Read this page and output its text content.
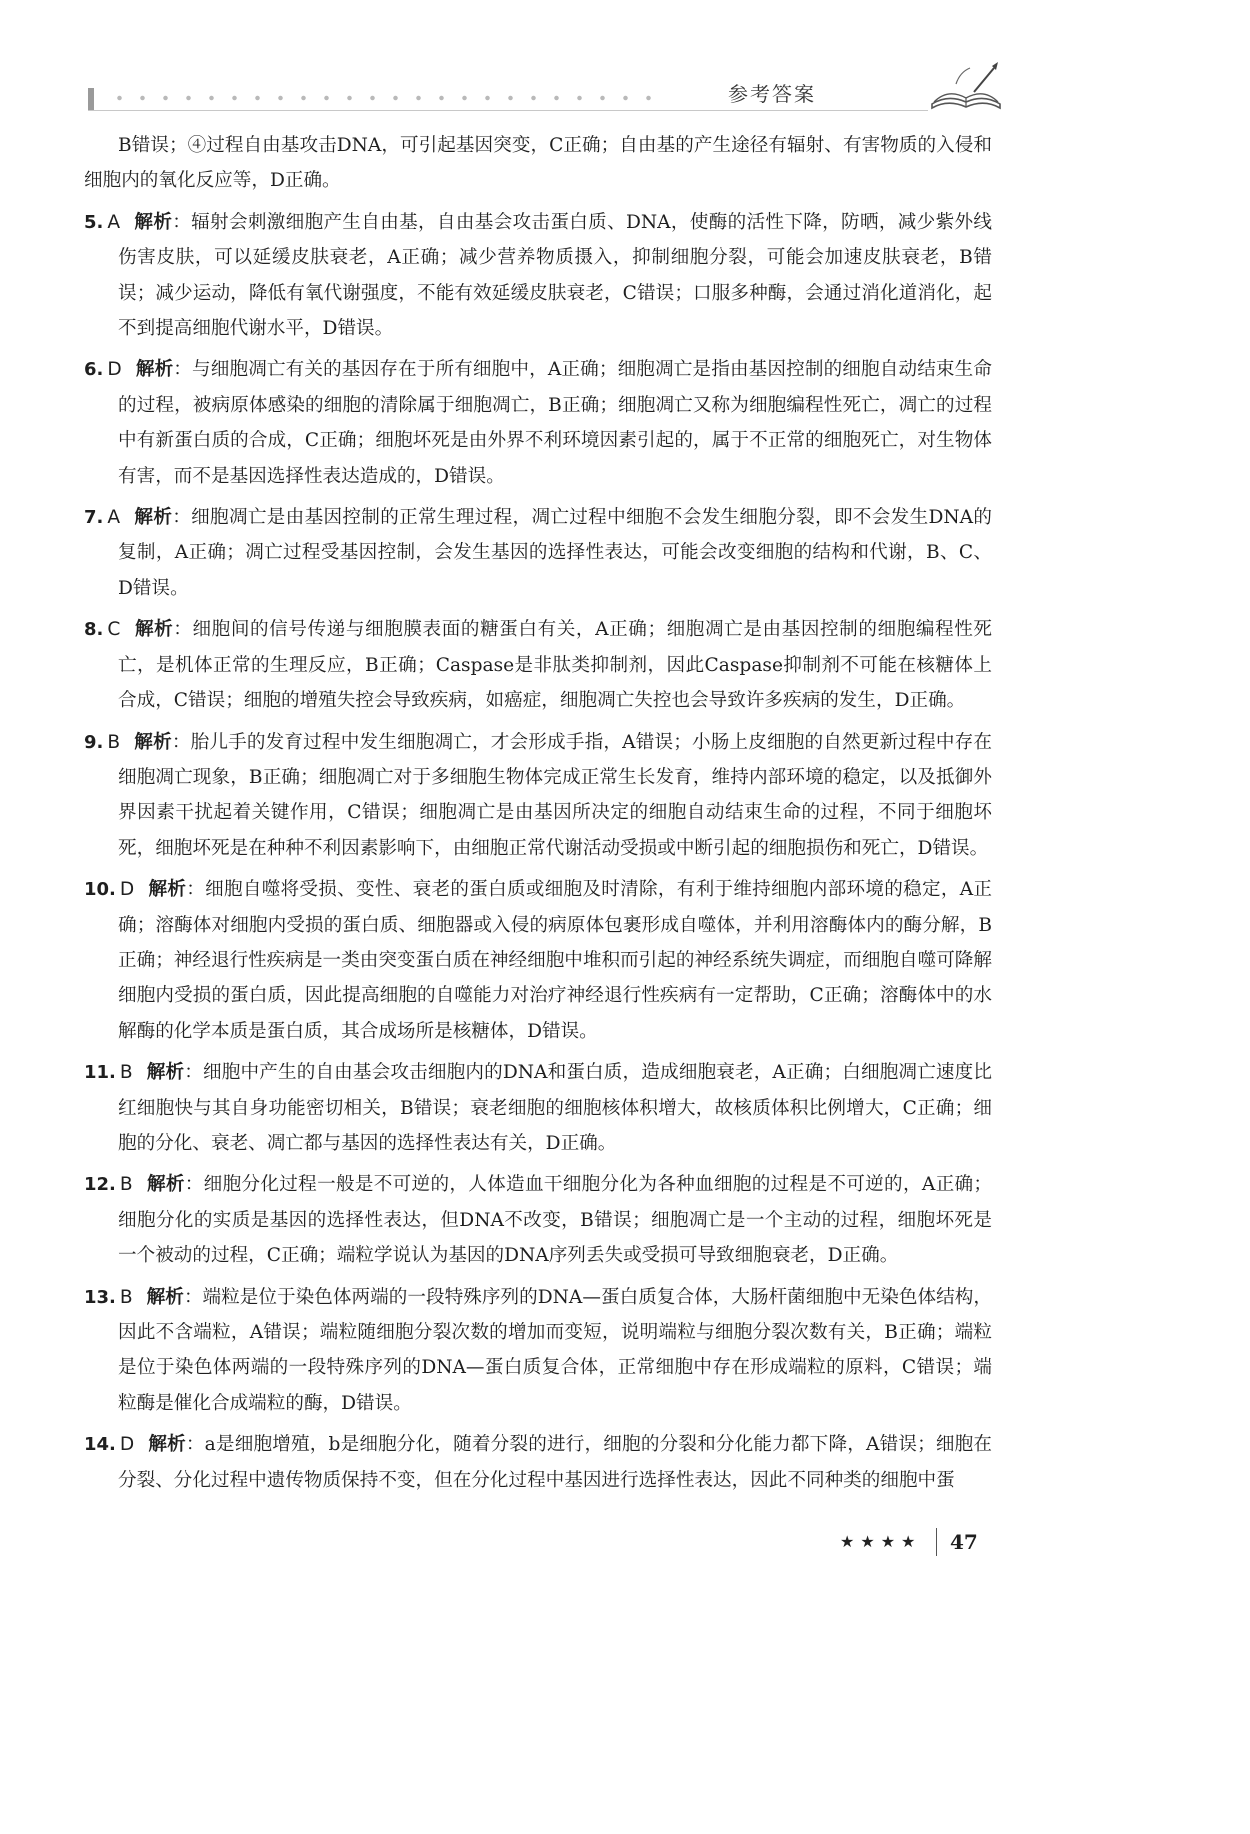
参考答案

B错误；④过程自由基攻击DNA，可引起基因突变，C正确；自由基的产生途径有辐射、有害物质的入侵和细胞内的氧化反应等，D正确。

5. A 解析：辐射会刺激细胞产生自由基，自由基会攻击蛋白质、DNA，使酶的活性下降，防晒，减少紫外线伤害皮肤，可以延缓皮肤衰老，A正确；减少营养物质摄入，抑制细胞分裂，可能会加速皮肤衰老，B错误；减少运动，降低有氧代谢强度，不能有效延缓皮肤衰老，C错误；口服多种酶，会通过消化道消化，起不到提高细胞代谢水平，D错误。

6. D 解析：与细胞凋亡有关的基因存在于所有细胞中，A正确；细胞凋亡是指由基因控制的细胞自动结束生命的过程，被病原体感染的细胞的清除属于细胞凋亡，B正确；细胞凋亡又称为细胞编程性死亡，凋亡的过程中有新蛋白质的合成，C正确；细胞坏死是由外界不利环境因素引起的，属于不正常的细胞死亡，对生物体有害，而不是基因选择性表达造成的，D错误。

7. A 解析：细胞凋亡是由基因控制的正常生理过程，凋亡过程中细胞不会发生细胞分裂，即不会发生DNA的复制，A正确；凋亡过程受基因控制，会发生基因的选择性表达，可能会改变细胞的结构和代谢，B、C、D错误。

8. C 解析：细胞间的信号传递与细胞膜表面的糖蛋白有关，A正确；细胞凋亡是由基因控制的细胞编程性死亡，是机体正常的生理反应，B正确；Caspase是非肽类抑制剂，因此Caspase抑制剂不可能在核糖体上合成，C错误；细胞的增殖失控会导致疾病，如癌症，细胞凋亡失控也会导致许多疾病的发生，D正确。

9. B 解析：胎儿手的发育过程中发生细胞凋亡，才会形成手指，A错误；小肠上皮细胞的自然更新过程中存在细胞凋亡现象，B正确；细胞凋亡对于多细胞生物体完成正常生长发育，维持内部环境的稳定，以及抵御外界因素干扰起着关键作用，C错误；细胞凋亡是由基因所决定的细胞自动结束生命的过程，不同于细胞坏死，细胞坏死是在种种不利因素影响下，由细胞正常代谢活动受损或中断引起的细胞损伤和死亡，D错误。

10. D 解析：细胞自噬将受损、变性、衰老的蛋白质或细胞及时清除，有利于维持细胞内部环境的稳定，A正确；溶酶体对细胞内受损的蛋白质、细胞器或入侵的病原体包裹形成自噬体，并利用溶酶体内的酶分解，B正确；神经退行性疾病是一类由突变蛋白质在神经细胞中堆积而引起的神经系统失调症，而细胞自噬可降解细胞内受损的蛋白质，因此提高细胞的自噬能力对治疗神经退行性疾病有一定帮助，C正确；溶酶体中的水解酶的化学本质是蛋白质，其合成场所是核糖体，D错误。

11. B 解析：细胞中产生的自由基会攻击细胞内的DNA和蛋白质，造成细胞衰老，A正确；白细胞凋亡速度比红细胞快与其自身功能密切相关，B错误；衰老细胞的细胞核体积增大，故核质体积比例增大，C正确；细胞的分化、衰老、凋亡都与基因的选择性表达有关，D正确。

12. B 解析：细胞分化过程一般是不可逆的，人体造血干细胞分化为各种血细胞的过程是不可逆的，A正确；细胞分化的实质是基因的选择性表达，但DNA不改变，B错误；细胞凋亡是一个主动的过程，细胞坏死是一个被动的过程，C正确；端粒学说认为基因的DNA序列丢失或受损可导致细胞衰老，D正确。

13. B 解析：端粒是位于染色体两端的一段特殊序列的DNA—蛋白质复合体，大肠杆菌细胞中无染色体结构，因此不含端粒，A错误；端粒随细胞分裂次数的增加而变短，说明端粒与细胞分裂次数有关，B正确；端粒是位于染色体两端的一段特殊序列的DNA—蛋白质复合体，正常细胞中存在形成端粒的原料，C错误；端粒酶是催化合成端粒的酶，D错误。

14. D 解析：a是细胞增殖，b是细胞分化，随着分裂的进行，细胞的分裂和分化能力都下降，A错误；细胞在分裂、分化过程中遗传物质保持不变，但在分化过程中基因进行选择性表达，因此不同种类的细胞中蛋

★★★★ 47
